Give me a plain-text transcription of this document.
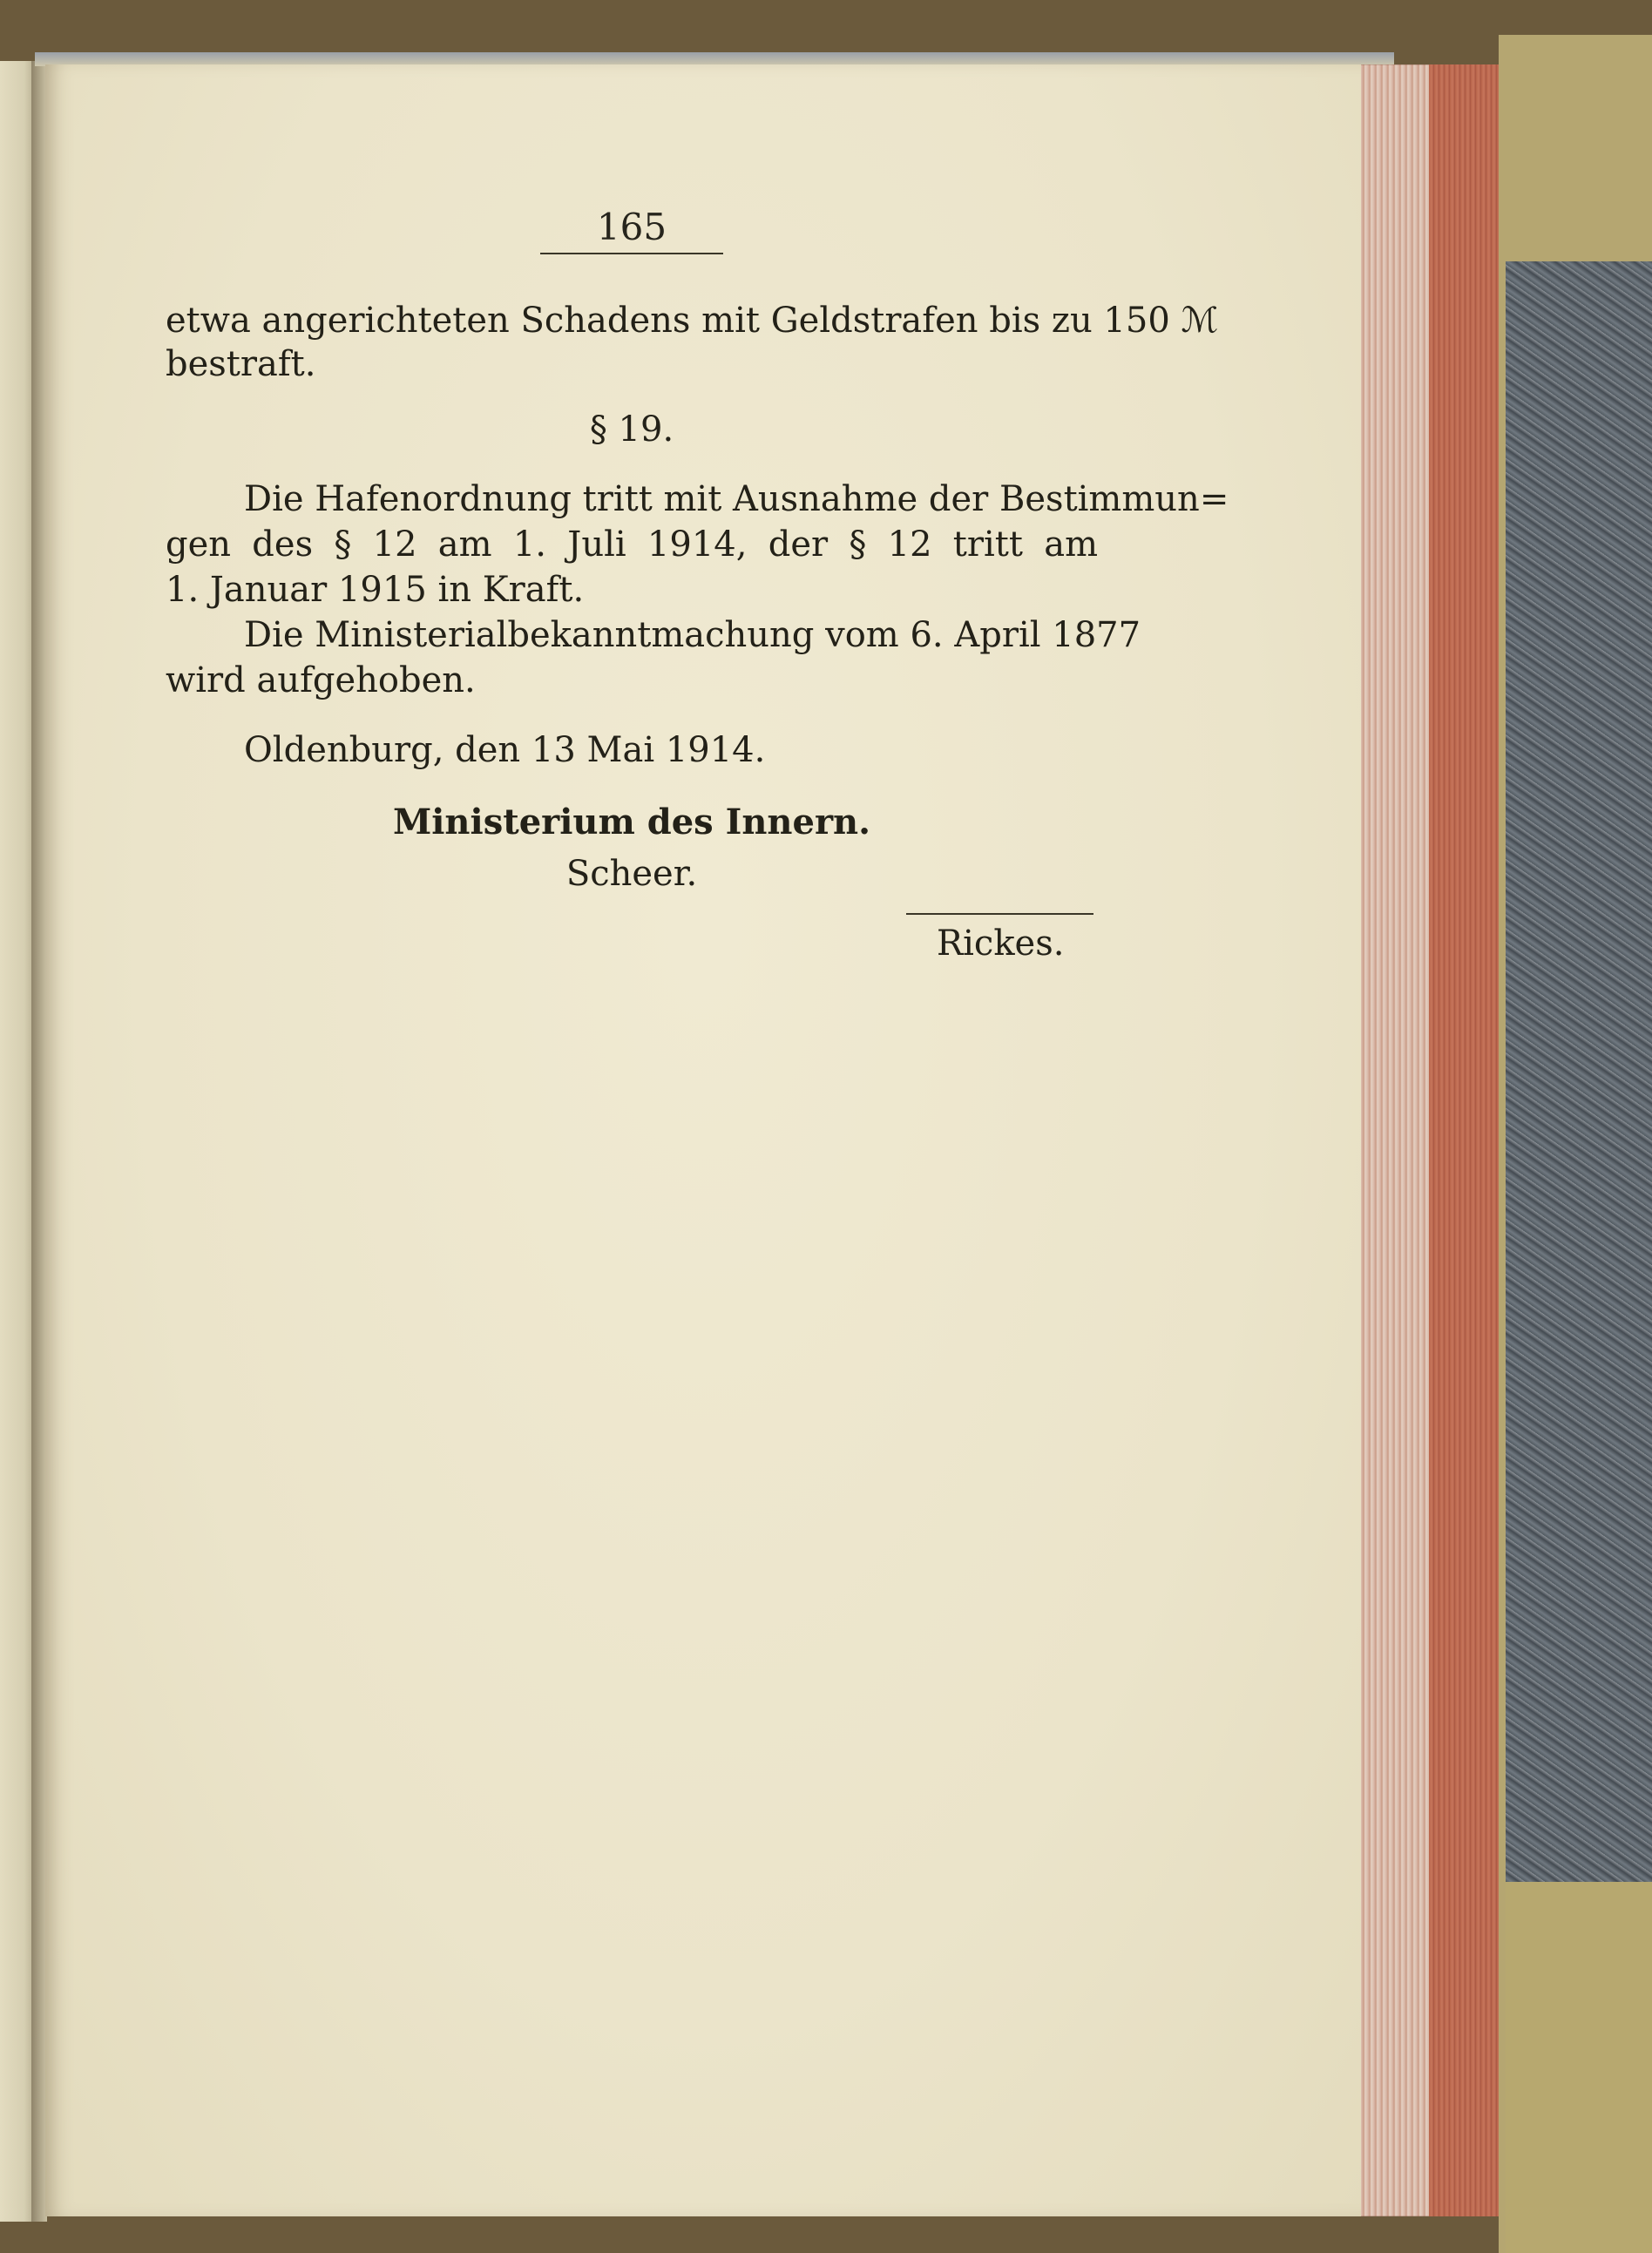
165
etwa angerichteten Schadens mit Geldstrafen bis zu 150 ℳ
bestraft.
§ 19.
Die Hafenordnung tritt mit Ausnahme der Bestimmun=
gen des § 12 am 1. Juli 1914, der § 12 tritt am
1. Januar 1915 in Kraft.
Die Ministerialbekanntmachung vom 6. April 1877
wird aufgehoben.
Oldenburg, den 13 Mai 1914.
Ministerium des Innern.
Scheer.
Rickes.
